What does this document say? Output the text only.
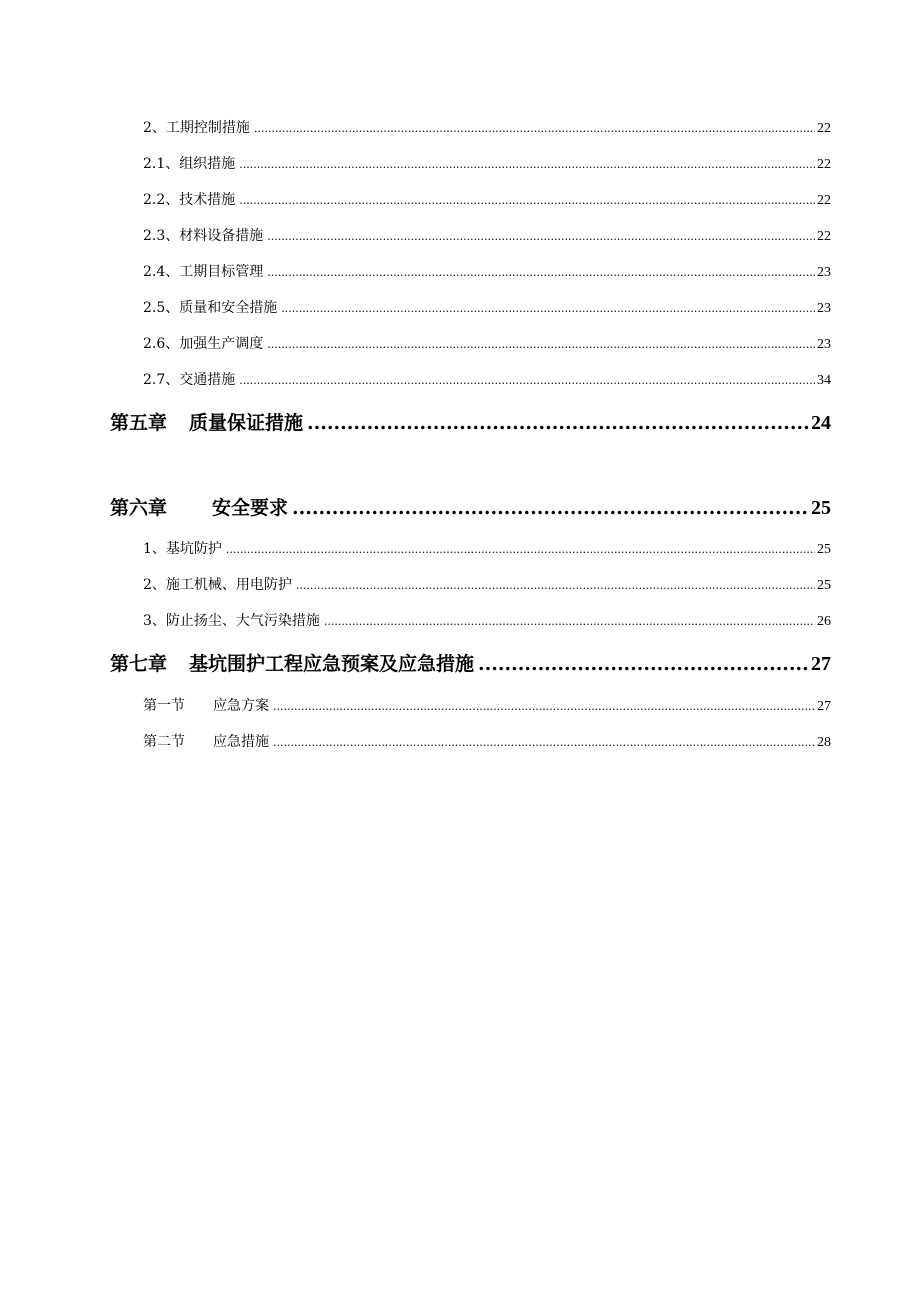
2、工期控制措施 .....	22
2.1、组织措施 .....	22
2.2、技术措施 .....	22
2.3、材料设备措施 .....	22
2.4、工期目标管理 .....	23
2.5、质量和安全措施 .....	23
2.6、加强生产调度 .....	23
2.7、交通措施 .....	34
第五章 质量保证措施 .....	24
第六章 安全要求 .....	25
1、基坑防护 .....	25
2、施工机械、用电防护 .....	25
3、防止扬尘、大气污染措施 .....	26
第七章 基坑围护工程应急预案及应急措施 .....	27
第一节 应急方案 .....	27
第二节 应急措施 .....	28
